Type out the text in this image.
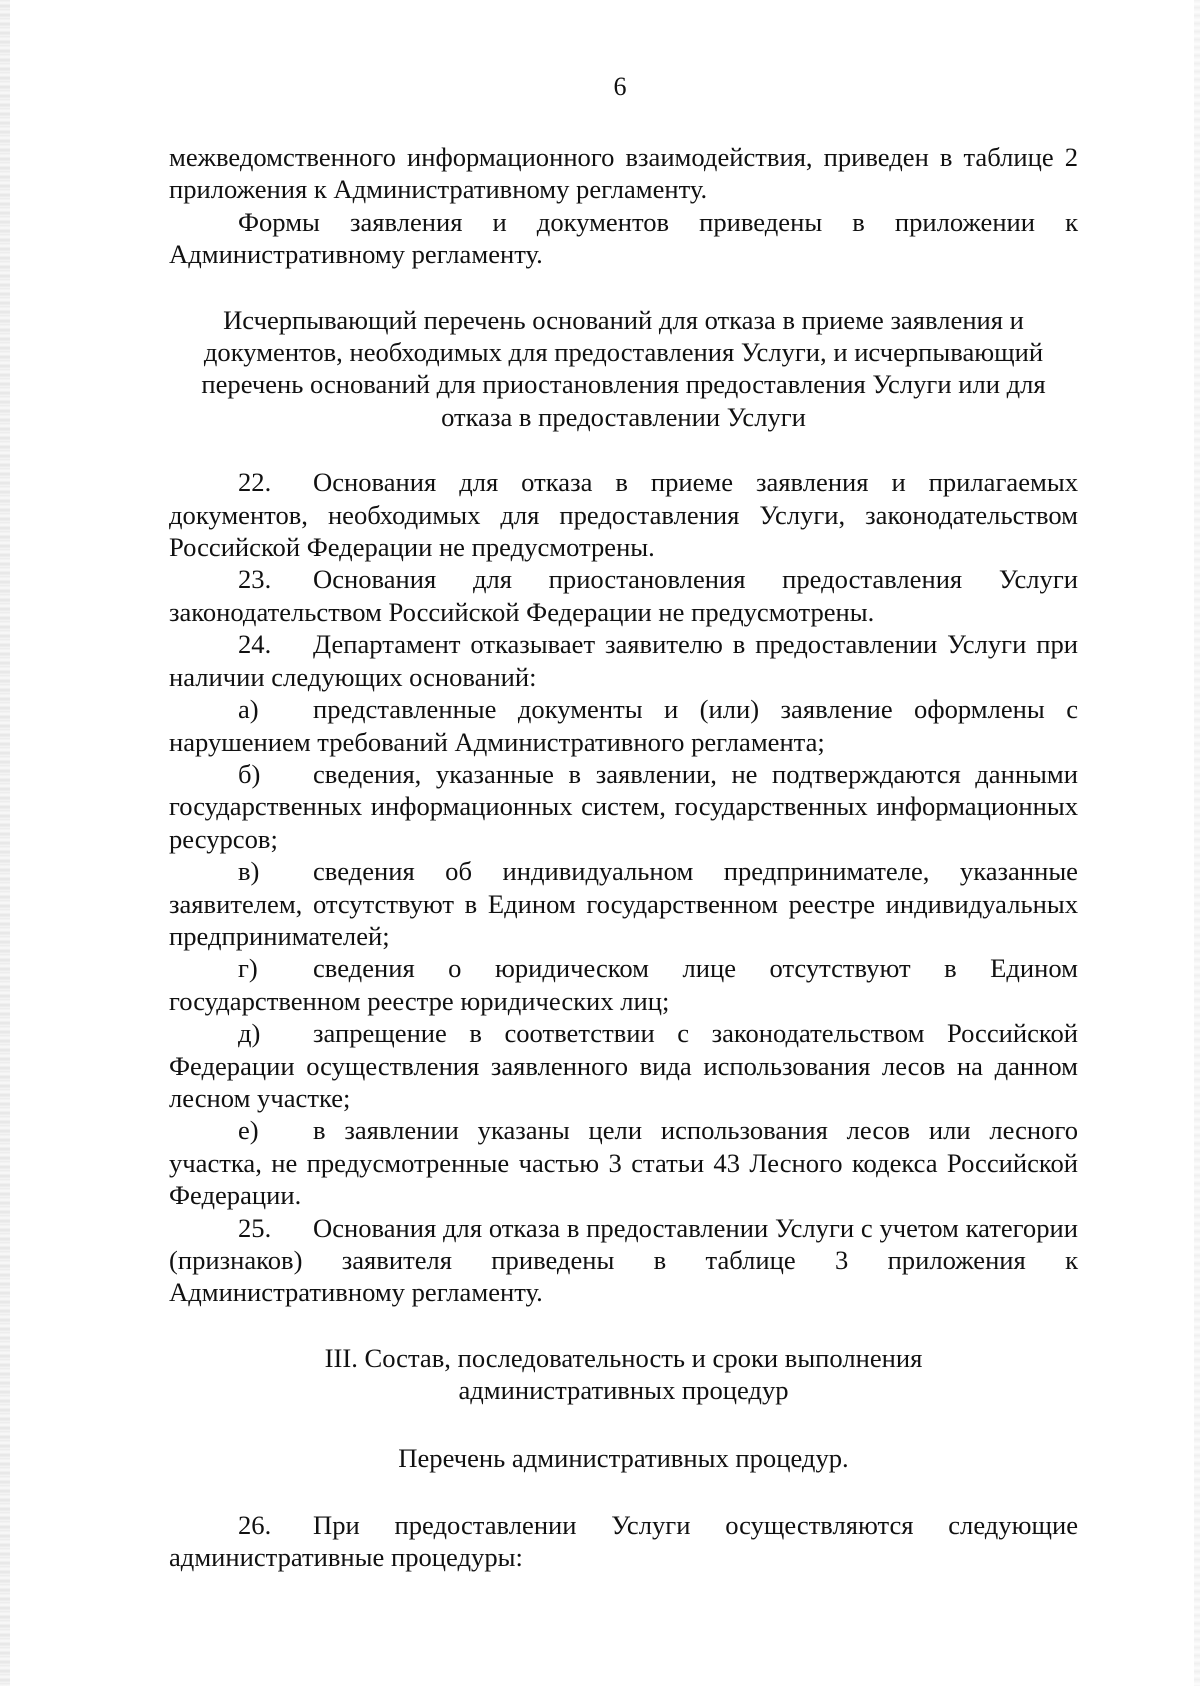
6

межведомственного информационного взаимодействия, приведен в таблице 2 приложения к Административному регламенту.

Формы заявления и документов приведены в приложении к Административному регламенту.

Исчерпывающий перечень оснований для отказа в приеме заявления и документов, необходимых для предоставления Услуги, и исчерпывающий перечень оснований для приостановления предоставления Услуги или для отказа в предоставлении Услуги

22. Основания для отказа в приеме заявления и прилагаемых документов, необходимых для предоставления Услуги, законодательством Российской Федерации не предусмотрены.

23. Основания для приостановления предоставления Услуги законодательством Российской Федерации не предусмотрены.

24. Департамент отказывает заявителю в предоставлении Услуги при наличии следующих оснований:

а) представленные документы и (или) заявление оформлены с нарушением требований Административного регламента;

б) сведения, указанные в заявлении, не подтверждаются данными государственных информационных систем, государственных информационных ресурсов;

в) сведения об индивидуальном предпринимателе, указанные заявителем, отсутствуют в Едином государственном реестре индивидуальных предпринимателей;

г) сведения о юридическом лице отсутствуют в Едином государственном реестре юридических лиц;

д) запрещение в соответствии с законодательством Российской Федерации осуществления заявленного вида использования лесов на данном лесном участке;

е) в заявлении указаны цели использования лесов или лесного участка, не предусмотренные частью 3 статьи 43 Лесного кодекса Российской Федерации.

25. Основания для отказа в предоставлении Услуги с учетом категории (признаков) заявителя приведены в таблице 3 приложения к Административному регламенту.

III. Состав, последовательность и сроки выполнения

административных процедур

Перечень административных процедур.

26. При предоставлении Услуги осуществляются следующие административные процедуры:
